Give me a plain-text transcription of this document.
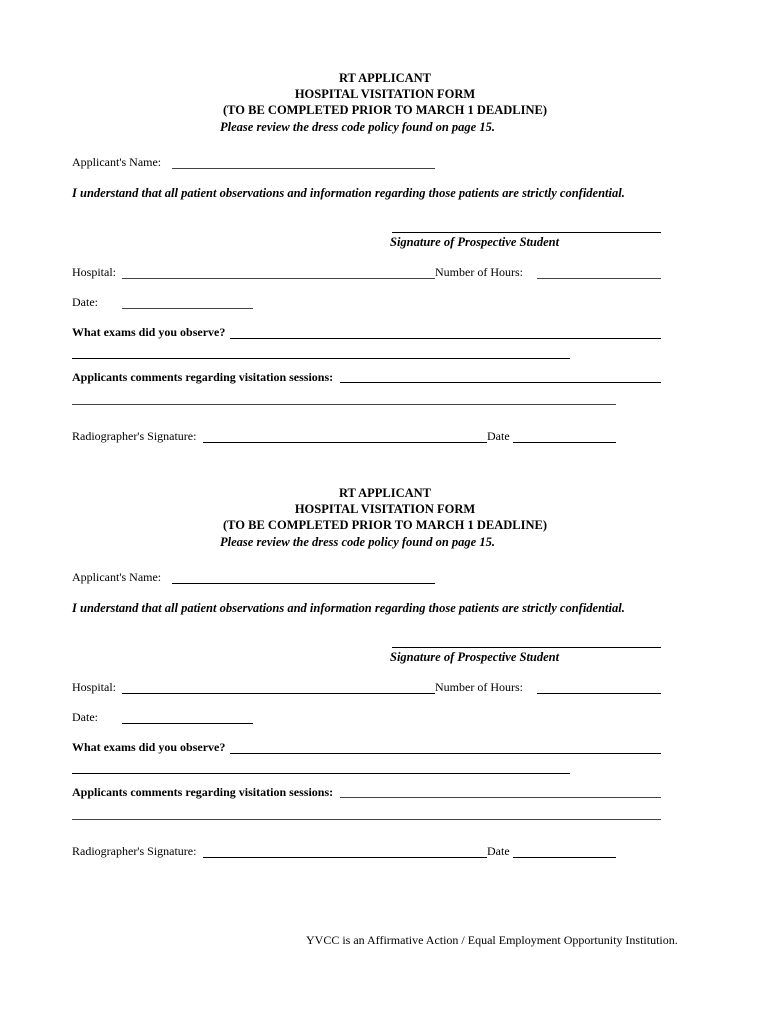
RT APPLICANT
HOSPITAL VISITATION FORM
(TO BE COMPLETED PRIOR TO MARCH 1 DEADLINE)
Please review the dress code policy found on page 15.
Applicant's Name:
I understand that all patient observations and information regarding those patients are strictly confidential.
Signature of Prospective Student
Hospital:	Number of Hours:
Date:
What exams did you observe?
Applicants comments regarding visitation sessions:
Radiographer's Signature:	Date
RT APPLICANT
HOSPITAL VISITATION FORM
(TO BE COMPLETED PRIOR TO MARCH 1 DEADLINE)
Please review the dress code policy found on page 15.
Applicant's Name:
I understand that all patient observations and information regarding those patients are strictly confidential.
Signature of Prospective Student
Hospital:	Number of Hours:
Date:
What exams did you observe?
Applicants comments regarding visitation sessions:
Radiographer's Signature:	Date
YVCC is an Affirmative Action / Equal Employment Opportunity Institution.
